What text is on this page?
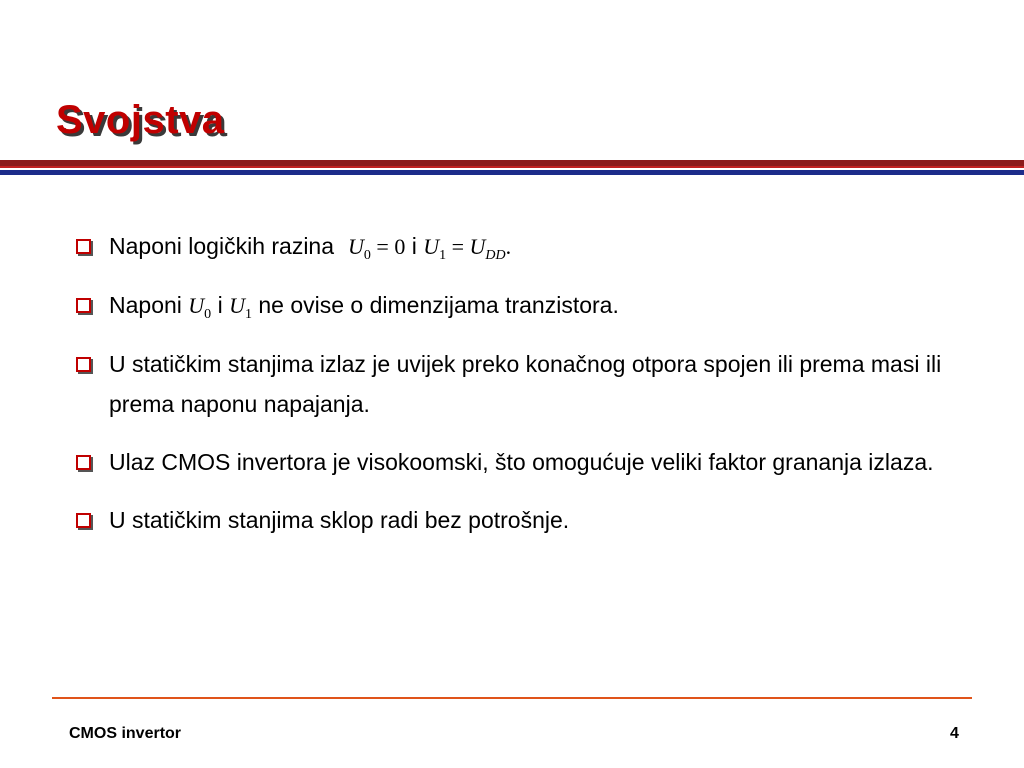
Svojstva
Naponi logičkih razina $U_0 = 0$ i $U_1 = U_{DD}$.
Naponi $U_0$ i $U_1$ ne ovise o dimenzijama tranzistora.
U statičkim stanjima izlaz je uvijek preko konačnog otpora spojen ili prema masi ili prema naponu napajanja.
Ulaz CMOS invertora je visokoomski, što omogućuje veliki faktor grananja izlaza.
U statičkim stanjima sklop radi bez potrošnje.
CMOS invertor	4
